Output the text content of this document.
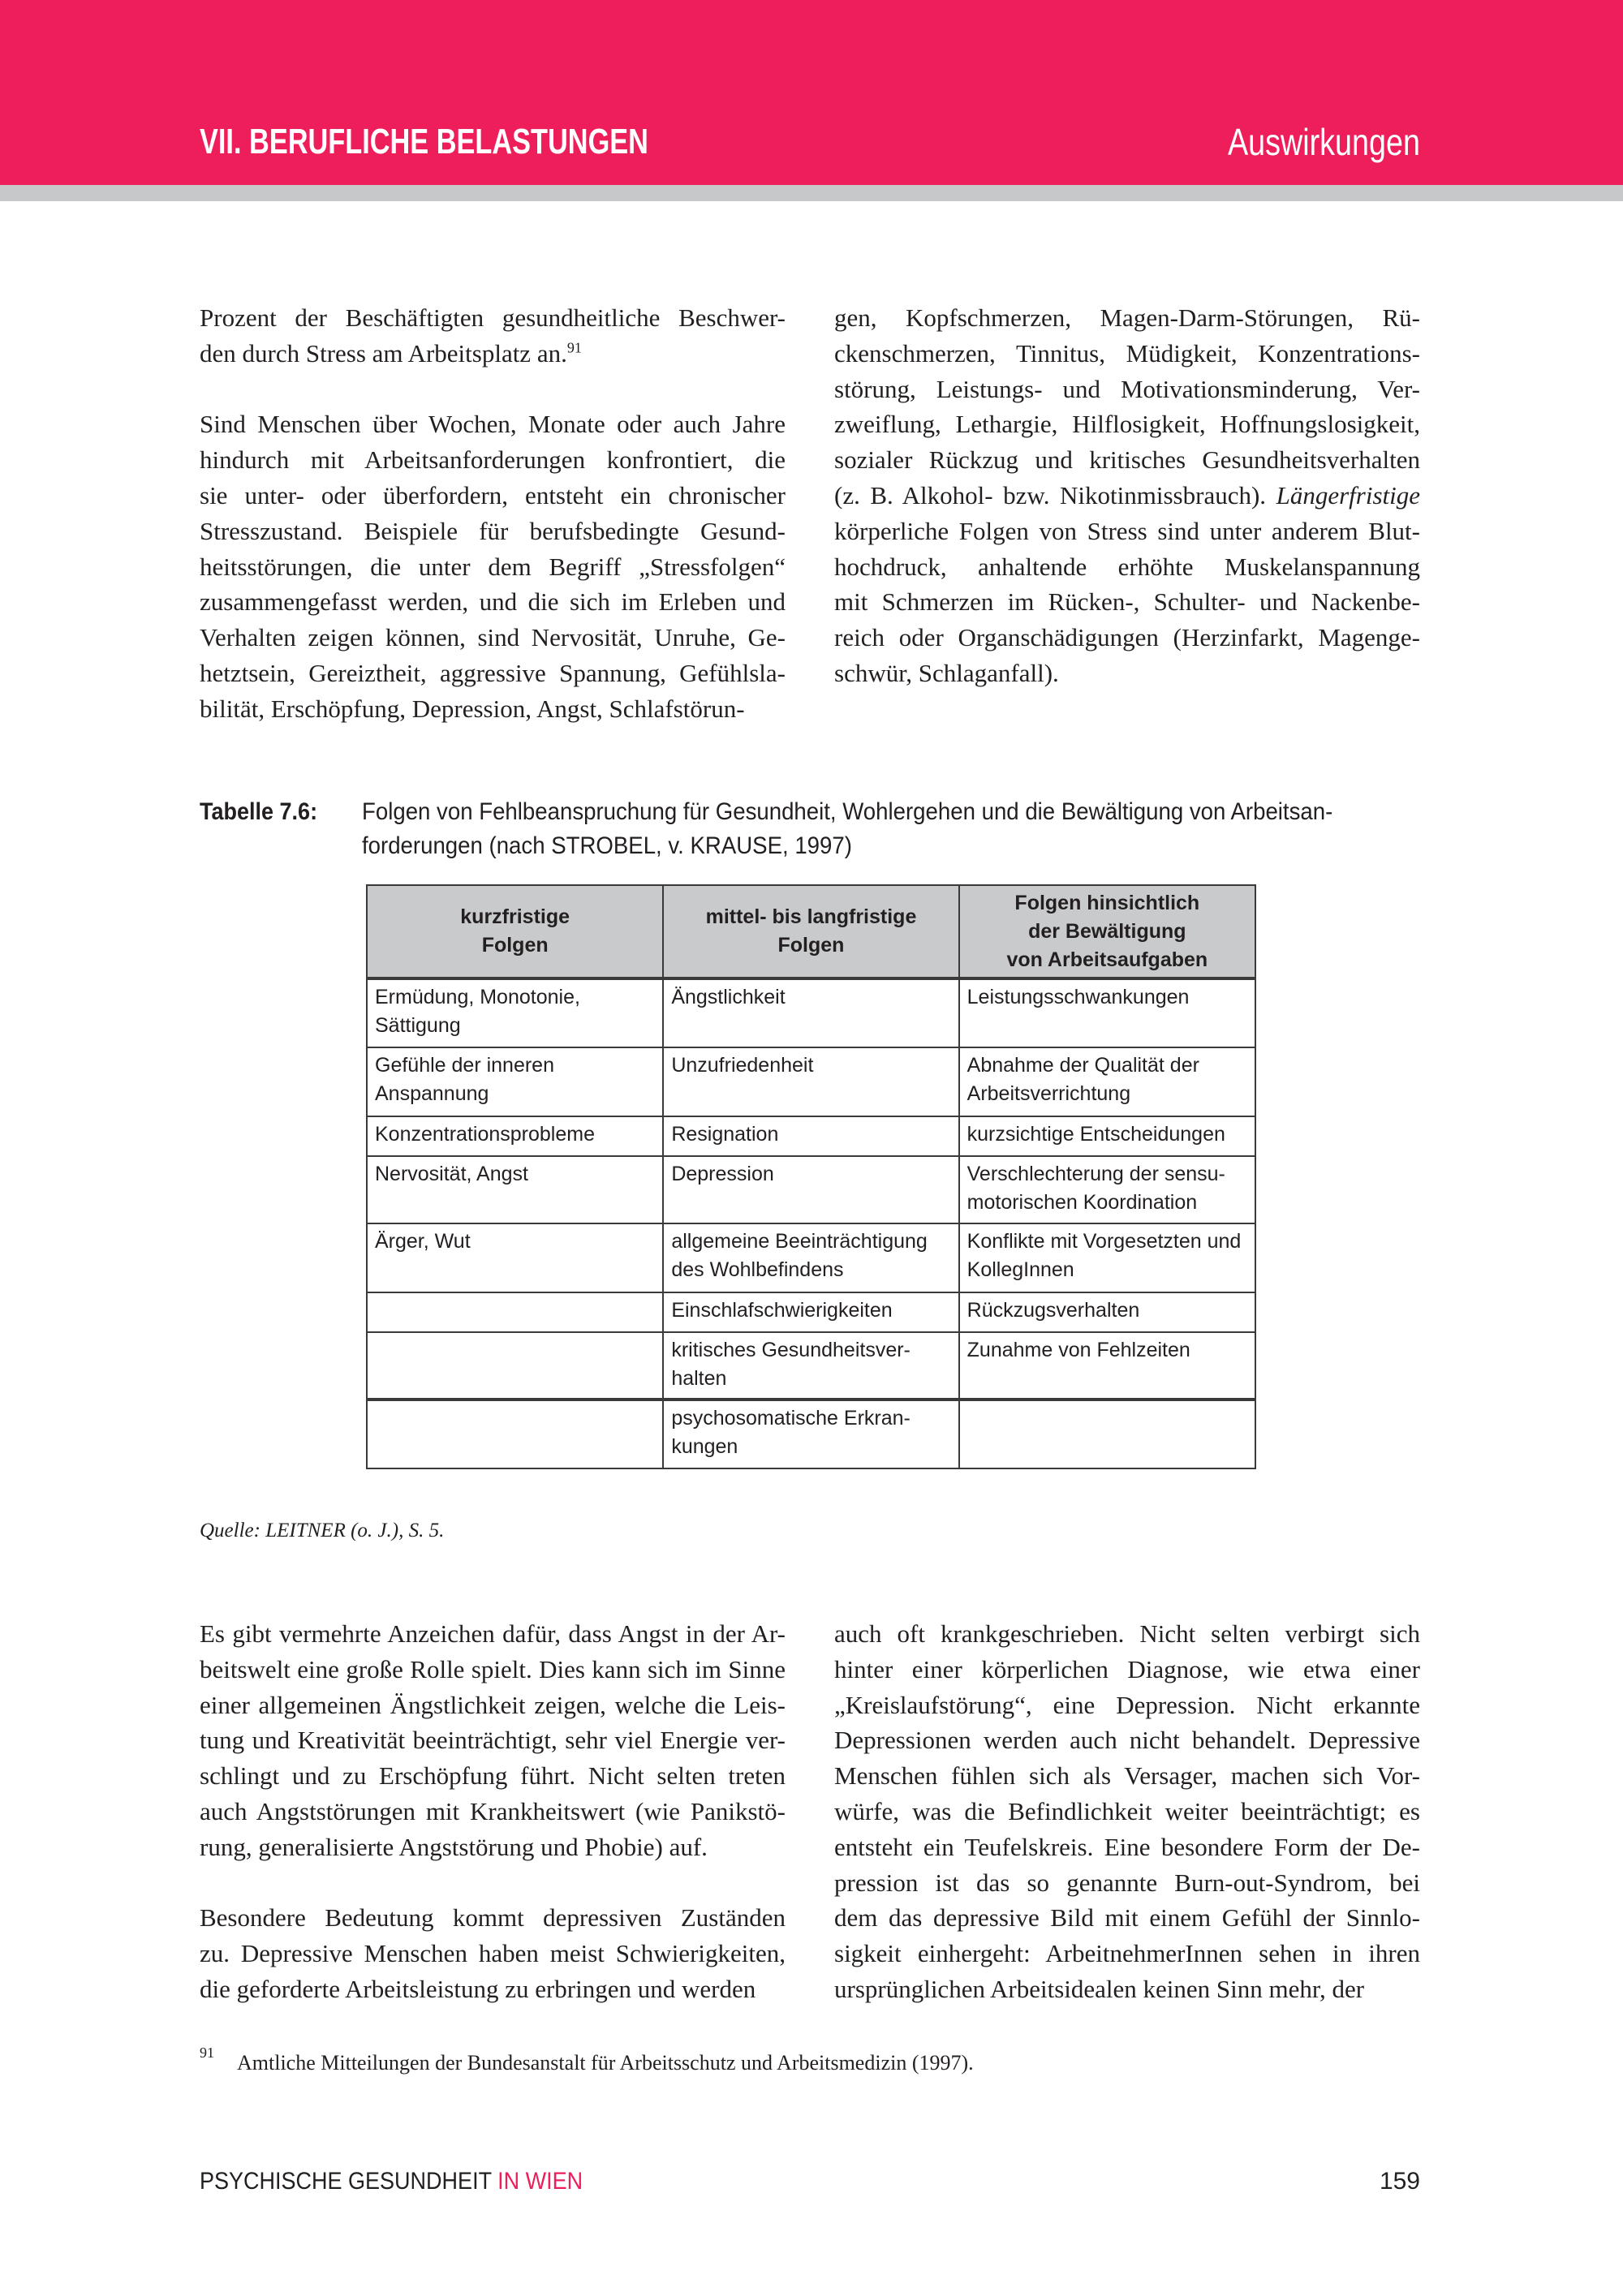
VII. BERUFLICHE BELASTUNGEN	Auswirkungen
Prozent der Beschäftigten gesundheitliche Beschwer-
den durch Stress am Arbeitsplatz an.$^{91}$
Sind Menschen über Wochen, Monate oder auch Jahre
hindurch mit Arbeitsanforderungen konfrontiert, die
sie unter- oder überfordern, entsteht ein chronischer
Stresszustand. Beispiele für berufsbedingte Gesund-
heitsstörungen, die unter dem Begriff „Stressfolgen“
zusammengefasst werden, und die sich im Erleben und
Verhalten zeigen können, sind Nervosität, Unruhe, Ge-
hetztsein, Gereiztheit, aggressive Spannung, Gefühlsla-
bilität, Erschöpfung, Depression, Angst, Schlafstörun-
gen, Kopfschmerzen, Magen-Darm-Störungen, Rü-
ckenschmerzen, Tinnitus, Müdigkeit, Konzentrations-
störung, Leistungs- und Motivationsminderung, Ver-
zweiflung, Lethargie, Hilflosigkeit, Hoffnungslosigkeit,
sozialer Rückzug und kritisches Gesundheitsverhalten
(z. B. Alkohol- bzw. Nikotinmissbrauch). Längerfristige
körperliche Folgen von Stress sind unter anderem Blut-
hochdruck, anhaltende erhöhte Muskelanspannung
mit Schmerzen im Rücken-, Schulter- und Nackenbe-
reich oder Organschädigungen (Herzinfarkt, Magenge-
schwür, Schlaganfall).
Tabelle 7.6: Folgen von Fehlbeanspruchung für Gesundheit, Wohlergehen und die Bewältigung von Arbeitsan-
forderungen (nach STROBEL, v. KRAUSE, 1997)
kurzfristige
Folgen	mittel- bis langfristige
Folgen	Folgen hinsichtlich
der Bewältigung
von Arbeitsaufgaben

Ermüdung, Monotonie,
Sättigung	Ängstlichkeit	Leistungsschwankungen

Gefühle der inneren
Anspannung	Unzufriedenheit	Abnahme der Qualität der
Arbeitsverrichtung

Konzentrationsprobleme	Resignation	kurzsichtige Entscheidungen

Nervosität, Angst	Depression	Verschlechterung der sensu-
motorischen Koordination

Ärger, Wut	allgemeine Beeinträchtigung
des Wohlbefindens	Konflikte mit Vorgesetzten und
KollegInnen

	Einschlafschwierigkeiten	Rückzugsverhalten

	kritisches Gesundheitsver-
halten	Zunahme von Fehlzeiten

	psychosomatische Erkran-
kungen	

Quelle: LEITNER (o. J.), S. 5.
Es gibt vermehrte Anzeichen dafür, dass Angst in der Ar-
beitswelt eine große Rolle spielt. Dies kann sich im Sinne
einer allgemeinen Ängstlichkeit zeigen, welche die Leis-
tung und Kreativität beeinträchtigt, sehr viel Energie ver-
schlingt und zu Erschöpfung führt. Nicht selten treten
auch Angststörungen mit Krankheitswert (wie Panikstö-
rung, generalisierte Angststörung und Phobie) auf.
Besondere Bedeutung kommt depressiven Zuständen
zu. Depressive Menschen haben meist Schwierigkeiten,
die geforderte Arbeitsleistung zu erbringen und werden
auch oft krankgeschrieben. Nicht selten verbirgt sich
hinter einer körperlichen Diagnose, wie etwa einer
„Kreislaufstörung“, eine Depression. Nicht erkannte
Depressionen werden auch nicht behandelt. Depressive
Menschen fühlen sich als Versager, machen sich Vor-
würfe, was die Befindlichkeit weiter beeinträchtigt; es
entsteht ein Teufelskreis. Eine besondere Form der De-
pression ist das so genannte Burn-out-Syndrom, bei
dem das depressive Bild mit einem Gefühl der Sinnlo-
sigkeit einhergeht: ArbeitnehmerInnen sehen in ihren
ursprünglichen Arbeitsidealen keinen Sinn mehr, der
91 Amtliche Mitteilungen der Bundesanstalt für Arbeitsschutz und Arbeitsmedizin (1997).
PSYCHISCHE GESUNDHEIT IN WIEN	159
